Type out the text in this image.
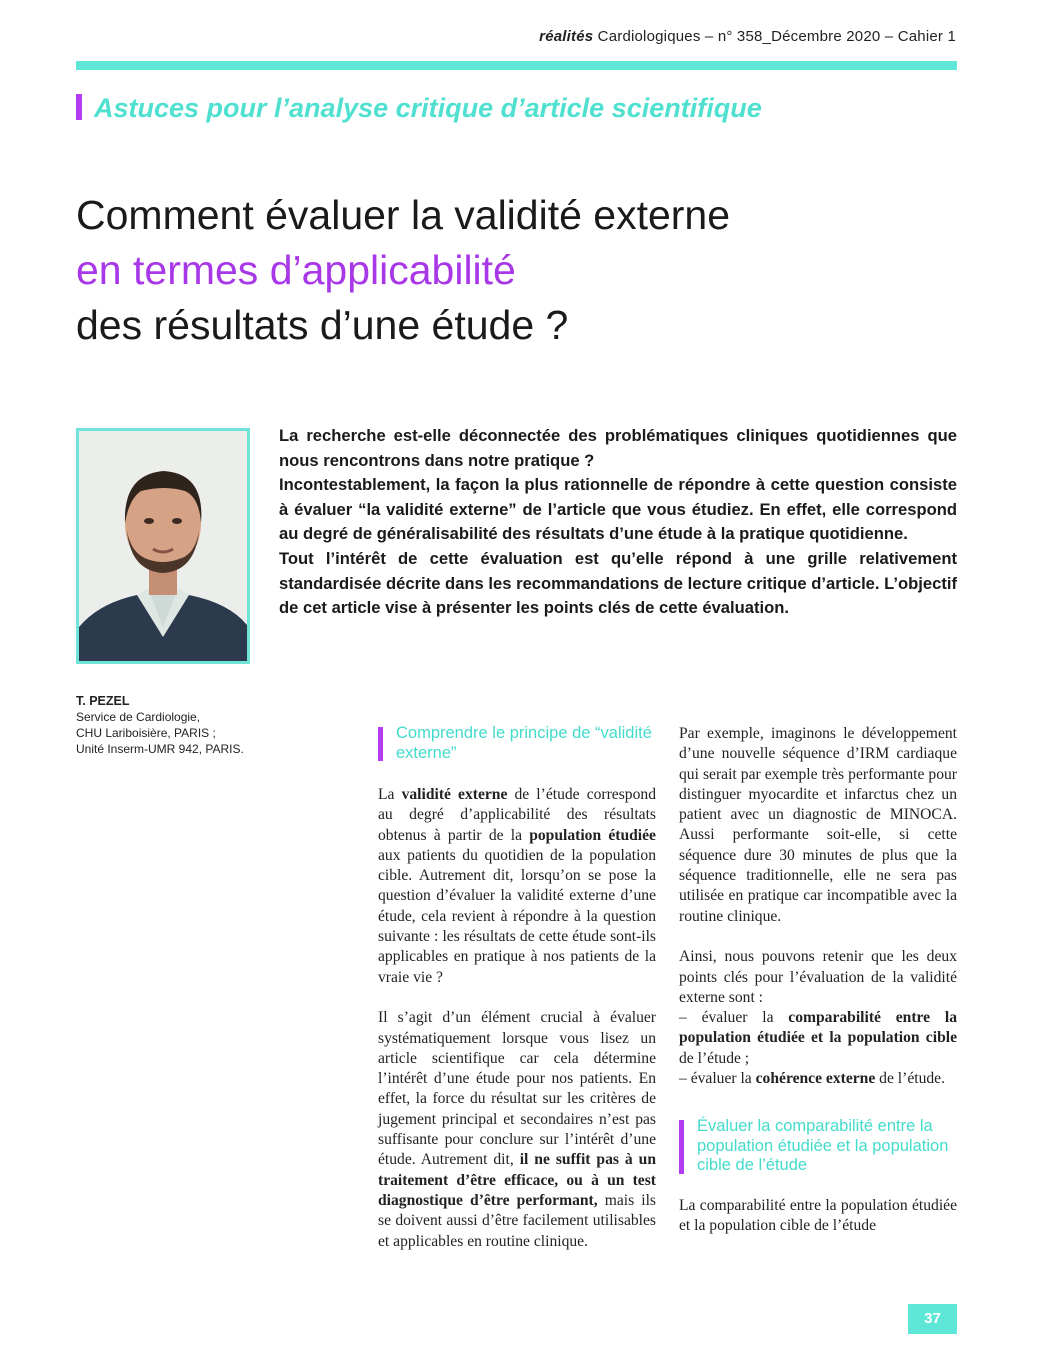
réalités Cardiologiques – n° 358_Décembre 2020 – Cahier 1
Astuces pour l’analyse critique d’article scientifique
Comment évaluer la validité externe
en termes d’applicabilité
des résultats d’une étude ?
La recherche est-elle déconnectée des problématiques cliniques quotidiennes que nous rencontrons dans notre pratique ?
Incontestablement, la façon la plus rationnelle de répondre à cette question consiste à évaluer “la validité externe” de l’article que vous étudiez. En effet, elle correspond au degré de généralisabilité des résultats d’une étude à la pratique quotidienne.
Tout l’intérêt de cette évaluation est qu’elle répond à une grille relativement standardisée décrite dans les recommandations de lecture critique d’article. L’objectif de cet article vise à présenter les points clés de cette évaluation.
T. PEZEL
Service de Cardiologie,
CHU Lariboisière, PARIS ;
Unité Inserm-UMR 942, PARIS.
Comprendre le principe de “validité externe”

La validité externe de l’étude correspond au degré d’applicabilité des résultats obtenus à partir de la population étudiée aux patients du quotidien de la population cible. Autrement dit, lorsqu’on se pose la question d’évaluer la validité externe d’une étude, cela revient à répondre à la question suivante : les résultats de cette étude sont-ils applicables en pratique à nos patients de la vraie vie ?

Il s’agit d’un élément crucial à évaluer systématiquement lorsque vous lisez un article scientifique car cela détermine l’intérêt d’une étude pour nos patients. En effet, la force du résultat sur les critères de jugement principal et secondaires n’est pas suffisante pour conclure sur l’intérêt d’une étude. Autrement dit, il ne suffit pas à un traitement d’être efficace, ou à un test diagnostique d’être performant, mais ils se doivent aussi d’être facilement utilisables et applicables en routine clinique.

Par exemple, imaginons le développement d’une nouvelle séquence d’IRM cardiaque qui serait par exemple très performante pour distinguer myocardite et infarctus chez un patient avec un diagnostic de MINOCA. Aussi performante soit-elle, si cette séquence dure 30 minutes de plus que la séquence traditionnelle, elle ne sera pas utilisée en pratique car incompatible avec la routine clinique.

Ainsi, nous pouvons retenir que les deux points clés pour l’évaluation de la validité externe sont :

– évaluer la comparabilité entre la population étudiée et la population cible de l’étude ;

– évaluer la cohérence externe de l’étude.

Évaluer la comparabilité entre la population étudiée et la population cible de l’étude

La comparabilité entre la population étudiée et la population cible de l’étude

37
